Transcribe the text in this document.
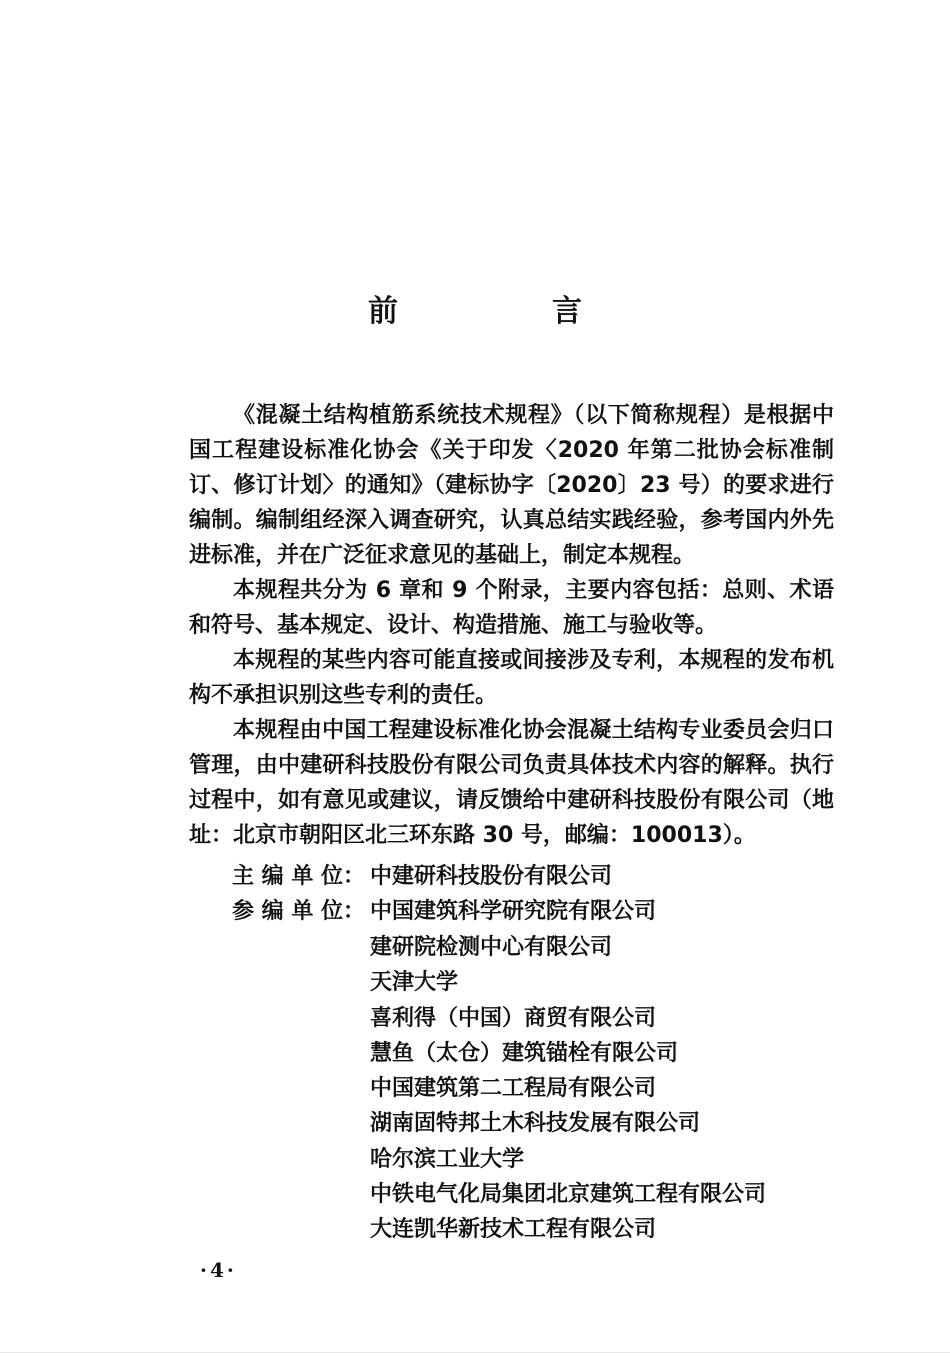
前　言

《混凝土结构植筋系统技术规程》（以下简称规程）是根据中国工程建设标准化协会《关于印发〈2020 年第二批协会标准制订、修订计划〉的通知》（建标协字〔2020〕23 号）的要求进行编制。编制组经深入调查研究，认真总结实践经验，参考国内外先进标准，并在广泛征求意见的基础上，制定本规程。

本规程共分为 6 章和 9 个附录，主要内容包括：总则、术语和符号、基本规定、设计、构造措施、施工与验收等。

本规程的某些内容可能直接或间接涉及专利，本规程的发布机构不承担识别这些专利的责任。

本规程由中国工程建设标准化协会混凝土结构专业委员会归口管理，由中建研科技股份有限公司负责具体技术内容的解释。执行过程中，如有意见或建议，请反馈给中建研科技股份有限公司（地址：北京市朝阳区北三环东路 30 号，邮编：100013）。

主 编 单 位： 中建研科技股份有限公司
参 编 单 位： 中国建筑科学研究院有限公司
建研院检测中心有限公司
天津大学
喜利得（中国）商贸有限公司
慧鱼（太仓）建筑锚栓有限公司
中国建筑第二工程局有限公司
湖南固特邦土木科技发展有限公司
哈尔滨工业大学
中铁电气化局集团北京建筑工程有限公司
大连凯华新技术工程有限公司
·4·
